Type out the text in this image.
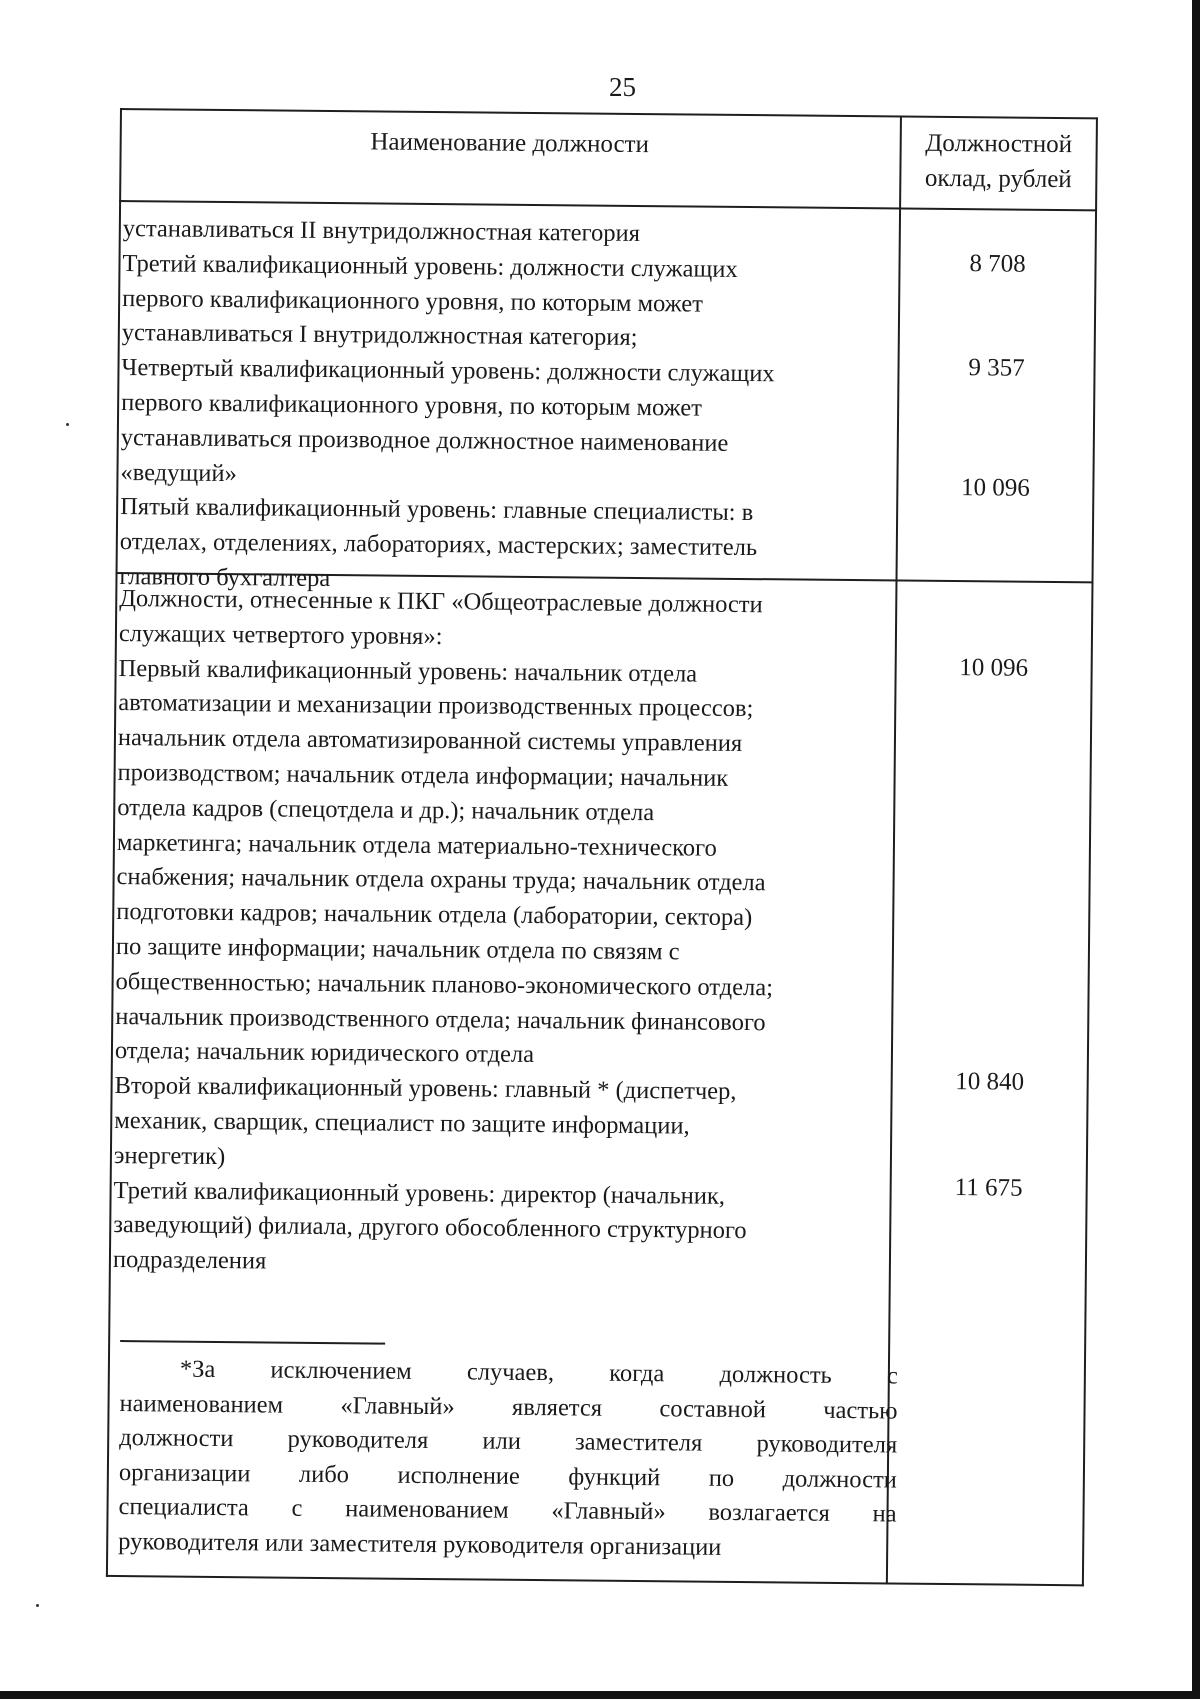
25
Наименование должности	Должностной
оклад, рублей
устанавливаться II внутридолжностная категория
Третий квалификационный уровень: должности служащих
первого квалификационного уровня, по которым может
устанавливаться I внутридолжностная категория;
Четвертый квалификационный уровень: должности служащих
первого квалификационного уровня, по которым может
устанавливаться производное должностное наименование
«ведущий»
Пятый квалификационный уровень: главные специалисты: в
отделах, отделениях, лабораториях, мастерских; заместитель
главного бухгалтера
8 708
9 357
10 096
Должности, отнесенные к ПКГ «Общеотраслевые должности
служащих четвертого уровня»:
Первый квалификационный уровень: начальник отдела
автоматизации и механизации производственных процессов;
начальник отдела автоматизированной системы управления
производством; начальник отдела информации; начальник
отдела кадров (спецотдела и др.); начальник отдела
маркетинга; начальник отдела материально-технического
снабжения; начальник отдела охраны труда; начальник отдела
подготовки кадров; начальник отдела (лаборатории, сектора)
по защите информации; начальник отдела по связям с
общественностью; начальник планово-экономического отдела;
начальник производственного отдела; начальник финансового
отдела; начальник юридического отдела
Второй квалификационный уровень: главный * (диспетчер,
механик, сварщик, специалист по защите информации,
энергетик)
Третий квалификационный уровень: директор (начальник,
заведующий) филиала, другого обособленного структурного
подразделения
10 096
10 840
11 675
*За исключением случаев, когда должность с
наименованием «Главный» является составной частью
должности руководителя или заместителя руководителя
организации либо исполнение функций по должности
специалиста с наименованием «Главный» возлагается на
руководителя или заместителя руководителя организации
